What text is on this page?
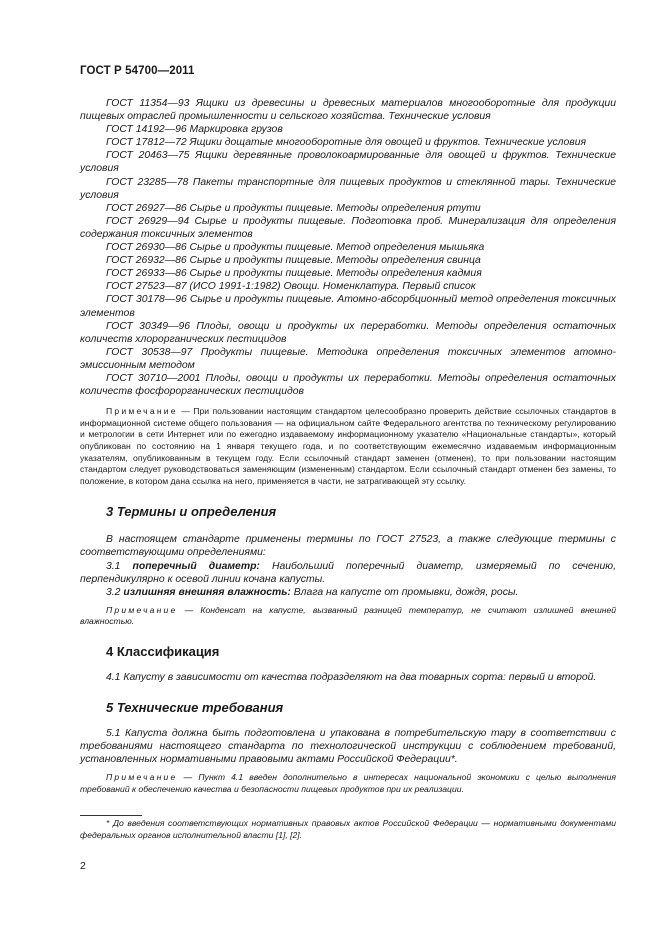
ГОСТ Р 54700—2011

ГОСТ 11354—93 Ящики из древесины и древесных материалов многооборотные для продукции пищевых отраслей промышленности и сельского хозяйства. Технические условия

ГОСТ 14192—96 Маркировка грузов

ГОСТ 17812—72 Ящики дощатые многооборотные для овощей и фруктов. Технические условия

ГОСТ 20463—75 Ящики деревянные проволокоармированные для овощей и фруктов. Технические условия

ГОСТ 23285—78 Пакеты транспортные для пищевых продуктов и стеклянной тары. Технические условия

ГОСТ 26927—86 Сырье и продукты пищевые. Методы определения ртути

ГОСТ 26929—94 Сырье и продукты пищевые. Подготовка проб. Минерализация для определения содержания токсичных элементов

ГОСТ 26930—86 Сырье и продукты пищевые. Метод определения мышьяка

ГОСТ 26932—86 Сырье и продукты пищевые. Методы определения свинца

ГОСТ 26933—86 Сырье и продукты пищевые. Методы определения кадмия

ГОСТ 27523—87 (ИСО 1991-1:1982) Овощи. Номенклатура. Первый список

ГОСТ 30178—96 Сырье и продукты пищевые. Атомно-абсорбционный метод определения токсичных элементов

ГОСТ 30349—96 Плоды, овощи и продукты их переработки. Методы определения остаточных количеств хлорорганических пестицидов

ГОСТ 30538—97 Продукты пищевые. Методика определения токсичных элементов атомно-эмиссионным методом

ГОСТ 30710—2001 Плоды, овощи и продукты их переработки. Методы определения остаточных количеств фосфорорганических пестицидов

Примечание — При пользовании настоящим стандартом целесообразно проверить действие ссылочных стандартов в информационной системе общего пользования — на официальном сайте Федерального агентства по техническому регулированию и метрологии в сети Интернет или по ежегодно издаваемому информационному указателю «Национальные стандарты», который опубликован по состоянию на 1 января текущего года, и по соответствующим ежемесячно издаваемым информационным указателям, опубликованным в текущем году. Если ссылочный стандарт заменен (отменен), то при пользовании настоящим стандартом следует руководствоваться заменяющим (измененным) стандартом. Если ссылочный стандарт отменен без замены, то положение, в котором дана ссылка на него, применяется в части, не затрагивающей эту ссылку.

3 Термины и определения

В настоящем стандарте применены термины по ГОСТ 27523, а также следующие термины с соответствующими определениями:

3.1 поперечный диаметр: Наибольший поперечный диаметр, измеряемый по сечению, перпендикулярно к осевой линии кочана капусты.

3.2 излишняя внешняя влажность: Влага на капусте от промывки, дождя, росы.

Примечание — Конденсат на капусте, вызванный разницей температур, не считают излишней внешней влажностью.

4 Классификация

4.1 Капусту в зависимости от качества подразделяют на два товарных сорта: первый и второй.

5 Технические требования

5.1 Капуста должна быть подготовлена и упакована в потребительскую тару в соответствии с требованиями настоящего стандарта по технологической инструкции с соблюдением требований, установленных нормативными правовыми актами Российской Федерации*.

Примечание — Пункт 4.1 введен дополнительно в интересах национальной экономики с целью выполнения требований к обеспечению качества и безопасности пищевых продуктов при их реализации.

* До введения соответствующих нормативных правовых актов Российской Федерации — нормативными документами федеральных органов исполнительной власти [1], [2].

2
